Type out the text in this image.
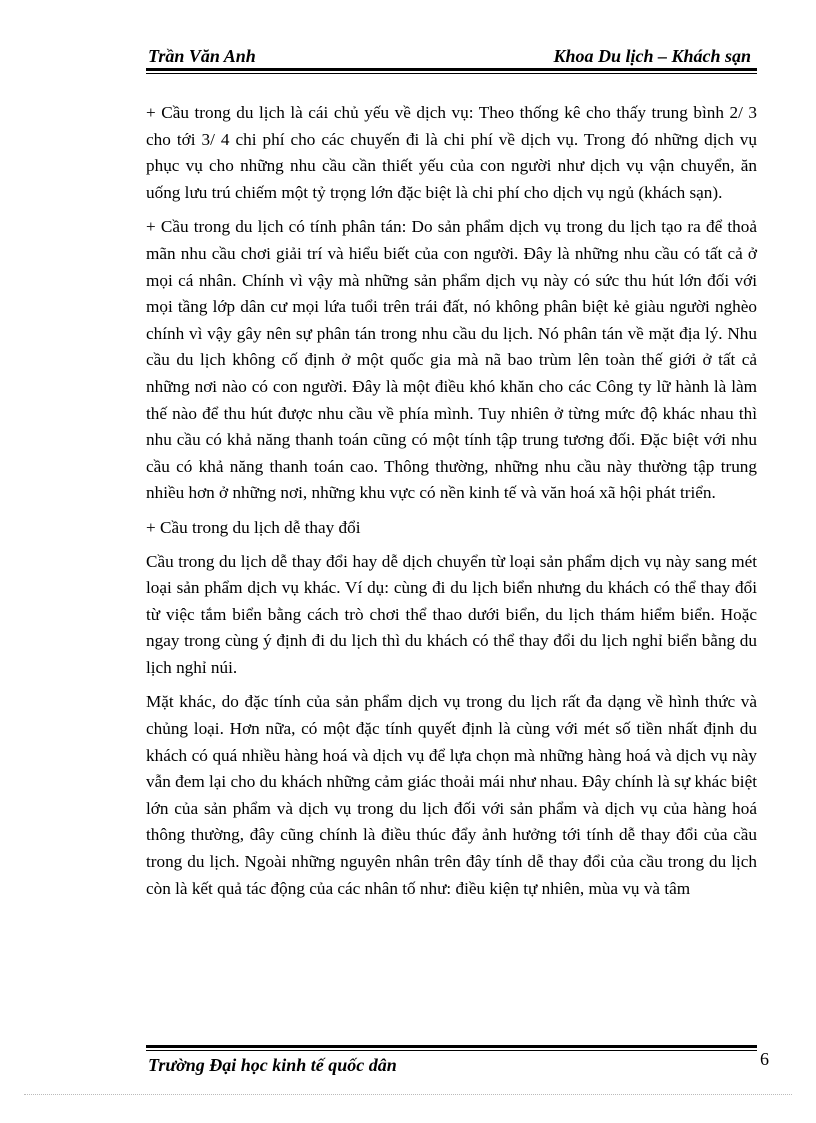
Trần Văn Anh	Khoa Du lịch – Khách sạn

+ Cầu trong du lịch là cái chủ yếu về dịch vụ: Theo thống kê cho thấy trung bình 2/ 3 cho tới 3/ 4 chi phí cho các chuyến đi là chi phí về dịch vụ. Trong đó những dịch vụ phục vụ cho những nhu cầu cần thiết yếu của con người như dịch vụ vận chuyển, ăn uống lưu trú chiếm một tỷ trọng lớn đặc biệt là chi phí cho dịch vụ ngủ (khách sạn).

+ Cầu trong du lịch có tính phân tán: Do sản phẩm dịch vụ trong du lịch tạo ra để thoả mãn nhu cầu chơi giải trí và hiểu biết của con người. Đây là những nhu cầu có tất cả ở mọi cá nhân. Chính vì vậy mà những sản phẩm dịch vụ này có sức thu hút lớn đối với mọi tầng lớp dân cư mọi lứa tuổi trên trái đất, nó không phân biệt kẻ giàu người nghèo chính vì vậy gây nên sự phân tán trong nhu cầu du lịch. Nó phân tán về mặt địa lý. Nhu cầu du lịch không cố định ở một quốc gia mà nã bao trùm lên toàn thế giới ở tất cả những nơi nào có con người. Đây là một điều khó khăn cho các Công ty lữ hành là làm thế nào để thu hút được nhu cầu về phía mình. Tuy nhiên ở từng mức độ khác nhau thì nhu cầu có khả năng thanh toán cũng có một tính tập trung tương đối. Đặc biệt với nhu cầu có khả năng thanh toán cao. Thông thường, những nhu cầu này thường tập trung nhiều hơn ở những nơi, những khu vực có nền kinh tế và văn hoá xã hội phát triển.

+ Cầu trong du lịch dễ thay đổi

Cầu trong du lịch dễ thay đổi hay dễ dịch chuyển từ loại sản phẩm dịch vụ này sang mét loại sản phẩm dịch vụ khác. Ví dụ: cùng đi du lịch biển nhưng du khách có thể thay đổi từ việc tắm biển bằng cách trò chơi thể thao dưới biển, du lịch thám hiểm biển. Hoặc ngay trong cùng ý định đi du lịch thì du khách có thể thay đổi du lịch nghỉ biển bằng du lịch nghỉ núi.

Mặt khác, do đặc tính của sản phẩm dịch vụ trong du lịch rất đa dạng về hình thức và chủng loại. Hơn nữa, có một đặc tính quyết định là cùng với mét số tiền nhất định du khách có quá nhiều hàng hoá và dịch vụ để lựa chọn mà những hàng hoá và dịch vụ này vẫn đem lại cho du khách những cảm giác thoải mái như nhau. Đây chính là sự khác biệt lớn của sản phẩm và dịch vụ trong du lịch đối với sản phẩm và dịch vụ của hàng hoá thông thường, đây cũng chính là điều thúc đẩy ảnh hưởng tới tính dễ thay đổi của cầu trong du lịch. Ngoài những nguyên nhân trên đây tính dễ thay đổi của cầu trong du lịch còn là kết quả tác động của các nhân tố như: điều kiện tự nhiên, mùa vụ và tâm

Trường Đại học kinh tế quốc dân	6
